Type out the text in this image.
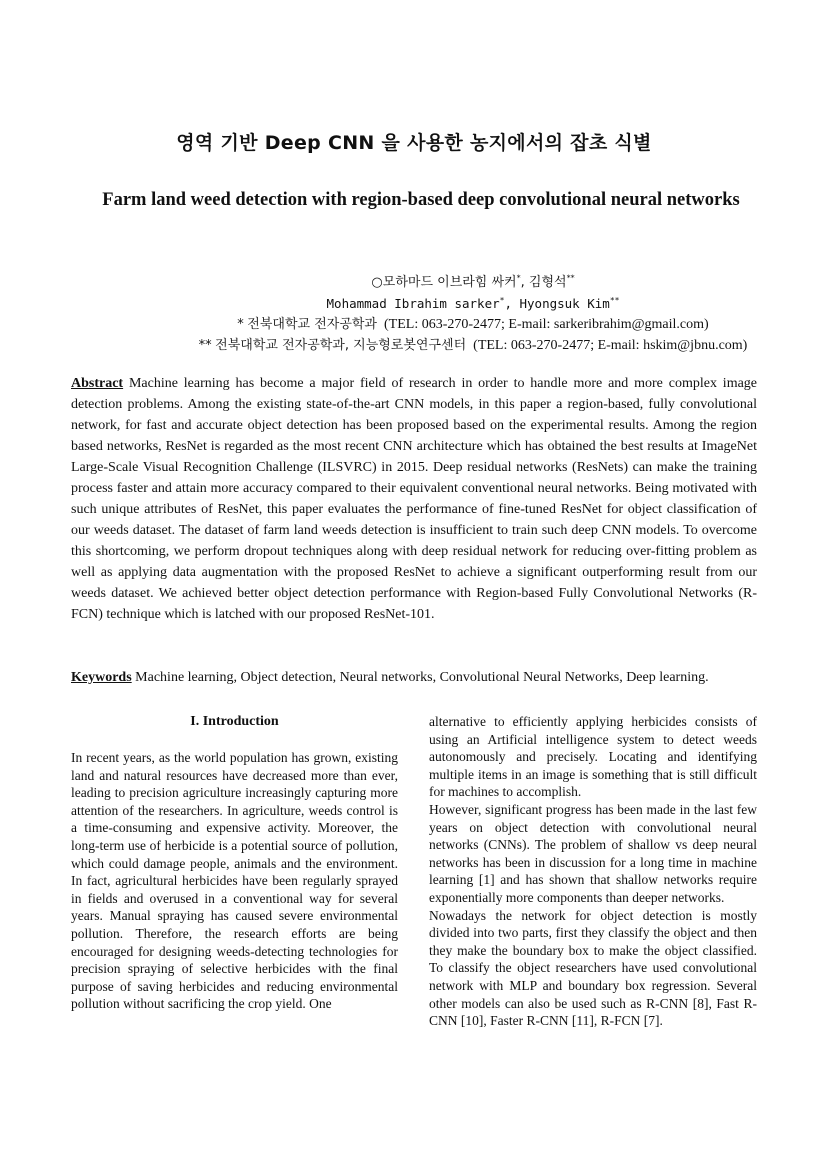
영역 기반 Deep CNN 을 사용한 농지에서의 잡초 식별
Farm land weed detection with region-based deep convolutional neural networks
○모하마드 이브라힘 싸커*, 김형석**
Mohammad Ibrahim sarker*, Hyongsuk Kim**
* 전북대학교 전자공학과 (TEL: 063-270-2477; E-mail: sarkeribrahim@gmail.com)
** 전북대학교 전자공학과, 지능형로봇연구센터 (TEL: 063-270-2477; E-mail: hskim@jbnu.com)

Abstract Machine learning has become a major field of research in order to handle more and more complex image detection problems. Among the existing state-of-the-art CNN models, in this paper a region-based, fully convolutional network, for fast and accurate object detection has been proposed based on the experimental results. Among the region based networks, ResNet is regarded as the most recent CNN architecture which has obtained the best results at ImageNet Large-Scale Visual Recognition Challenge (ILSVRC) in 2015. Deep residual networks (ResNets) can make the training process faster and attain more accuracy compared to their equivalent conventional neural networks. Being motivated with such unique attributes of ResNet, this paper evaluates the performance of fine-tuned ResNet for object classification of our weeds dataset. The dataset of farm land weeds detection is insufficient to train such deep CNN models. To overcome this shortcoming, we perform dropout techniques along with deep residual network for reducing over-fitting problem as well as applying data augmentation with the proposed ResNet to achieve a significant outperforming result from our weeds dataset. We achieved better object detection performance with Region-based Fully Convolutional Networks (R-FCN) technique which is latched with our proposed ResNet-101.

Keywords Machine learning, Object detection, Neural networks, Convolutional Neural Networks, Deep learning.

I. Introduction

In recent years, as the world population has grown, existing land and natural resources have decreased more than ever, leading to precision agriculture increasingly capturing more attention of the researchers. In agriculture, weeds control is a time-consuming and expensive activity. Moreover, the long-term use of herbicide is a potential source of pollution, which could damage people, animals and the environment. In fact, agricultural herbicides have been regularly sprayed in fields and overused in a conventional way for several years. Manual spraying has caused severe environmental pollution. Therefore, the research efforts are being encouraged for designing weeds-detecting technologies for precision spraying of selective herbicides with the final purpose of saving herbicides and reducing environmental pollution without sacrificing the crop yield. One

alternative to efficiently applying herbicides consists of using an Artificial intelligence system to detect weeds autonomously and precisely. Locating and identifying multiple items in an image is something that is still difficult for machines to accomplish.

However, significant progress has been made in the last few years on object detection with convolutional neural networks (CNNs). The problem of shallow vs deep neural networks has been in discussion for a long time in machine learning [1] and has shown that shallow networks require exponentially more components than deeper networks.

Nowadays the network for object detection is mostly divided into two parts, first they classify the object and then they make the boundary box to make the object classified. To classify the object researchers have used convolutional network with MLP and boundary box regression. Several other models can also be used such as R-CNN [8], Fast R-CNN [10], Faster R-CNN [11], R-FCN [7].
